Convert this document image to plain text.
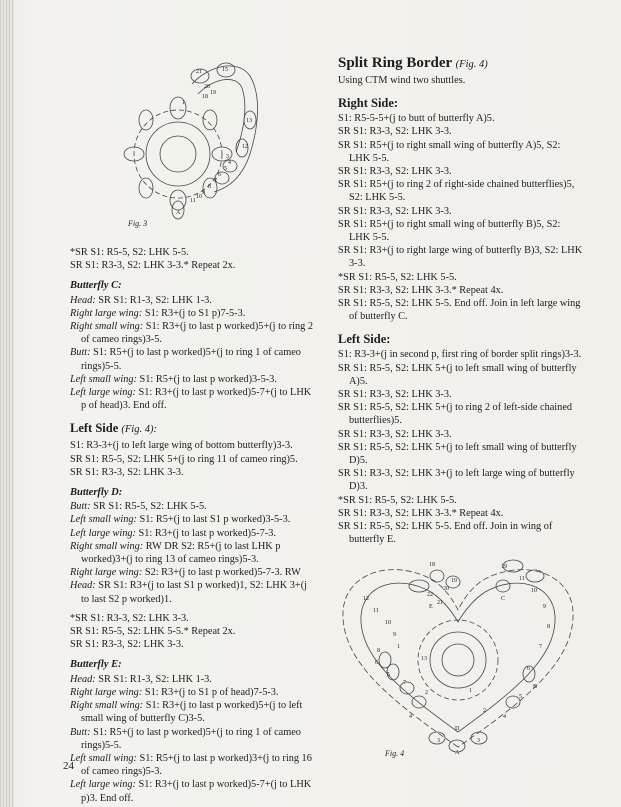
21	15
20
19
18
1
13
12
3
4
5
6
7
8
9
10
11
A
Fig. 3

*SR S1: R5-5, S2: LHK 5-5.

SR S1: R3-3, S2: LHK 3-3.* Repeat 2x.

Butterfly C:

Head: SR S1: R1-3, S2: LHK 1-3.

Right large wing: S1: R3+(j to S1 p)7-5-3.

Right small wing: S1: R3+(j to last p worked)5+(j to ring 2 of cameo rings)3-5.

Butt: S1: R5+(j to last p worked)5+(j to ring 1 of cameo rings)5-5.

Left small wing: S1: R5+(j to last p worked)3-5-3.

Left large wing: S1: R3+(j to last p worked)5-7+(j to LHK p of head)3. End off.

Left Side (Fig. 4):

S1: R3-3+(j to left large wing of bottom butterfly)3-3.

SR S1: R5-5, S2: LHK 5+(j to ring 11 of cameo ring)5.

SR S1: R3-3, S2: LHK 3-3.

Butterfly D:

Butt: SR S1: R5-5, S2: LHK 5-5.

Left small wing: S1: R5+(j to last S1 p worked)3-5-3.

Left large wing: S1: R3+(j to last p worked)5-7-3.

Right small wing: RW DR S2: R5+(j to last LHK p worked)3+(j to ring 13 of cameo rings)5-3.

Right large wing: S2: R3+(j to last p worked)5-7-3. RW

Head: SR S1: R3+(j to last S1 p worked)1, S2: LHK 3+(j to last S2 p worked)1.

*SR S1: R3-3, S2: LHK 3-3.

SR S1: R5-5, S2: LHK 5-5.* Repeat 2x.

SR S1: R3-3, S2: LHK 3-3.

Butterfly E:

Head: SR S1: R1-3, S2: LHK 1-3.

Right large wing: S1: R3+(j to S1 p of head)7-5-3.

Right small wing: S1: R3+(j to last p worked)5+(j to left small wing of butterfly C)3-5.

Butt: S1: R5+(j to last p worked)5+(j to ring 1 of cameo rings)5-5.

Left small wing: S1: R5+(j to last p worked)3+(j to ring 16 of cameo rings)5-3.

Left large wing: S1: R3+(j to last p worked)5-7+(j to LHK p)3. End off.

Split Ring Border (Fig. 4)

Using CTM wind two shuttles.

Right Side:

S1: R5-5-5+(j to butt of butterfly A)5.

SR S1: R3-3, S2: LHK 3-3.

SR S1: R5+(j to right small wing of butterfly A)5, S2: LHK 5-5.

SR S1: R3-3, S2: LHK 3-3.

SR S1: R5+(j to ring 2 of right-side chained butterflies)5, S2: LHK 5-5.

SR S1: R3-3, S2: LHK 3-3.

SR S1: R5+(j to right small wing of butterfly B)5, S2: LHK 5-5.

SR S1: R3+(j to right large wing of butterfly B)3, S2: LHK 3-3.

*SR S1: R5-5, S2: LHK 5-5.

SR S1: R3-3, S2: LHK 3-3.* Repeat 4x.

SR S1: R5-5, S2: LHK 5-5. End off. Join in left large wing of butterfly C.

Left Side:

S1: R3-3+(j in second p, first ring of border split rings)3-3.

SR S1: R5-5, S2: LHK 5+(j to left small wing of butterfly A)5.

SR S1: R3-3, S2: LHK 3-3.

SR S1: R5-5, S2: LHK 5+(j to ring 2 of left-side chained butterflies)5.

SR S1: R3-3, S2: LHK 3-3.

SR S1: R5-5, S2: LHK 5+(j to left small wing of butterfly D)5.

SR S1: R3-3, S2: LHK 3+(j to left large wing of butterfly D)3.

*SR S1: R5-5, S2: LHK 5-5.

SR S1: R3-3, S2: LHK 3-3.* Repeat 4x.

SR S1: R5-5, S2: LHK 5-5. End off. Join in wing of butterfly E.

18
19
22
20
21
E
C
19
13
1
2
3
4
5
6
7
8
9
10
11
12
1
2
3
4
5
6
7
8
9
10
11
D
B
A
Fig. 4
24
